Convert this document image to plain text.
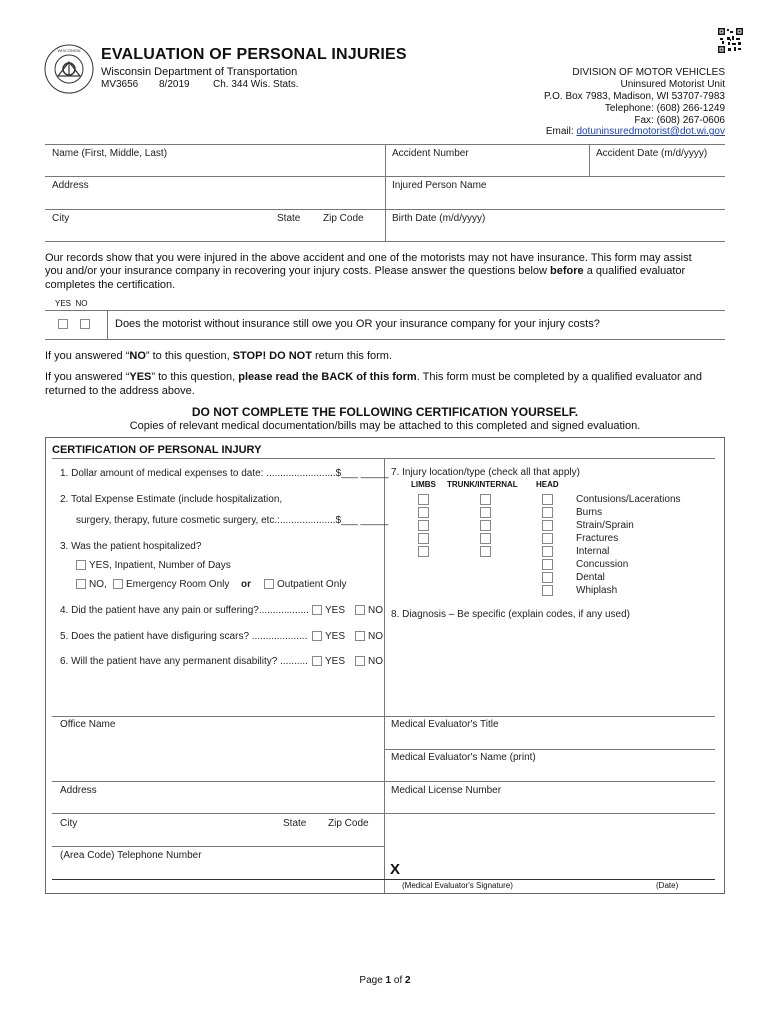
WISCONSIN EVALUATION OF PERSONAL INJURIES
Wisconsin Department of Transportation
MV3656 8/2019 Ch. 344 Wis. Stats.
DIVISION OF MOTOR VEHICLES
Uninsured Motorist Unit
P.O. Box 7983, Madison, WI 53707-7983
Telephone: (608) 266-1249
Fax: (608) 267-0606
Email: dotuninsuredmotorist@dot.wi.gov
Name (First, Middle, Last)	Accident Number	Accident Date (m/d/yyyy)
Address	Injured Person Name
City	State Zip Code	Birth Date (m/d/yyyy)
Our records show that you were injured in the above accident and one of the motorists may not have insurance. This form may assist
you and/or your insurance company in recovering your injury costs. Please answer the questions below before a qualified evaluator
completes the certification.
YES NO
Does the motorist without insurance still owe you OR your insurance company for your injury costs?
If you answered “NO” to this question, STOP! DO NOT return this form.
If you answered “YES” to this question, please read the BACK of this form. This form must be completed by a qualified evaluator and
returned to the address above.
DO NOT COMPLETE THE FOLLOWING CERTIFICATION YOURSELF.
Copies of relevant medical documentation/bills may be attached to this completed and signed evaluation.
CERTIFICATION OF PERSONAL INJURY
1. Dollar amount of medical expenses to date: .........................$___ _____
2. Total Expense Estimate (include hospitalization,
surgery, therapy, future cosmetic surgery, etc.:....................$___ _____
3. Was the patient hospitalized?
YES, Inpatient, Number of Days
NO, Emergency Room Only or	Outpatient Only
4. Did the patient have any pain or suffering?.................. YES NO
5. Does the patient have disfiguring scars? .................... YES NO
6. Will the patient have any permanent disability? .......... YES NO
7. Injury location/type (check all that apply)
LIMBS TRUNK/INTERNAL HEAD
Contusions/Lacerations
Burns
Strain/Sprain
Fractures
Internal
Concussion
Dental
Whiplash
8. Diagnosis – Be specific (explain codes, if any used)
Office Name	Medical Evaluator's Title
Medical Evaluator's Name (print)
Address	Medical License Number
City	State Zip Code
(Area Code) Telephone Number
X
(Medical Evaluator's Signature)	(Date)
Page 1 of 2
